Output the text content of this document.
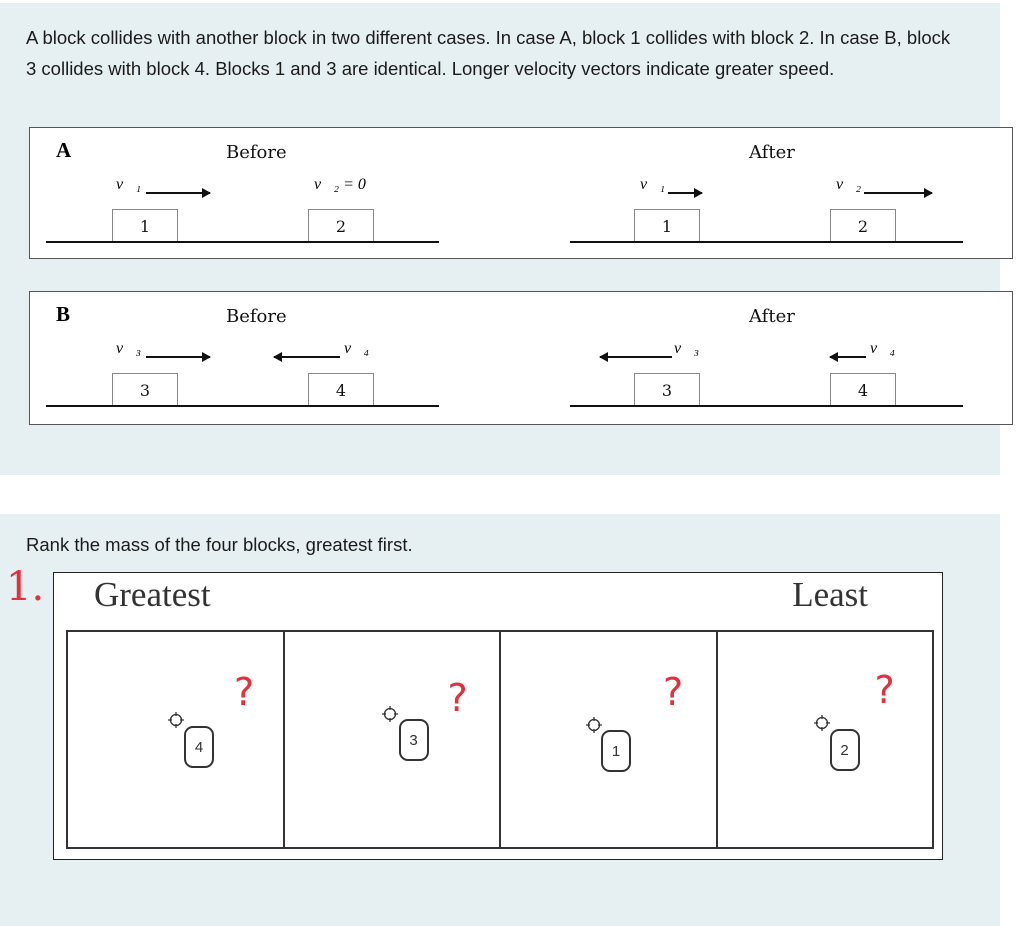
A block collides with another block in two different cases. In case A, block 1 collides with block 2. In case B, block 3 collides with block 4. Blocks 1 and 3 are identical. Longer velocity vectors indicate greater speed.
A	Before	After
v⃗₁	v⃗₂ = 0
1	2
v⃗₁	v⃗₂
1	2
B	Before	After
v⃗₃	v⃗₄
3	4
v⃗₃	v⃗₄
3	4
Rank the mass of the four blocks, greatest first.
1. Greatest	Least
4
?
3
?
1
?
2
?
